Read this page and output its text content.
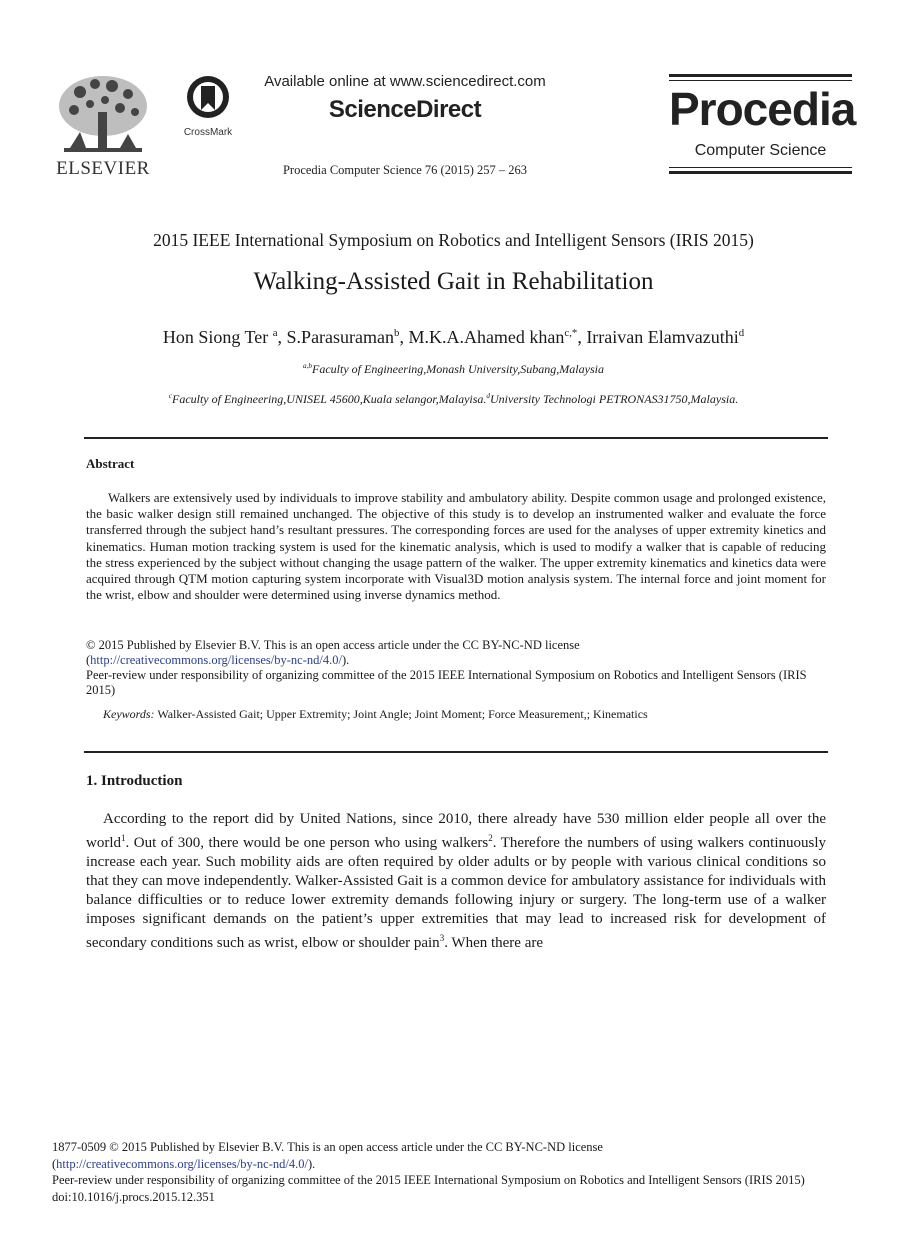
ELSEVIER
CrossMark
Available online at www.sciencedirect.com
ScienceDirect
Procedia Computer Science 76 (2015) 257 – 263
Procedia
Computer Science
2015 IEEE International Symposium on Robotics and Intelligent Sensors (IRIS 2015)
Walking-Assisted Gait in Rehabilitation
Hon Siong Ter $^a$, S.Parasuraman$^b$, M.K.A.Ahamed khan$^{c,*}$, Irraivan Elamvazuthi$^d$
$^{a,b}$Faculty of Engineering,Monash University,Subang,Malaysia
$^c$Faculty of Engineering,UNISEL 45600,Kuala selangor,Malayisa.$^d$University Technologi PETRONAS31750,Malaysia.
Abstract
Walkers are extensively used by individuals to improve stability and ambulatory ability. Despite common usage and prolonged existence, the basic walker design still remained unchanged. The objective of this study is to develop an instrumented walker and evaluate the force transferred through the subject hand’s resultant pressures. The corresponding forces are used for the analyses of upper extremity kinetics and kinematics. Human motion tracking system is used for the kinematic analysis, which is used to modify a walker that is capable of reducing the stress experienced by the subject without changing the usage pattern of the walker. The upper extremity kinematics and kinetics data were acquired through QTM motion capturing system incorporate with Visual3D motion analysis system. The internal force and joint moment for the wrist, elbow and shoulder were determined using inverse dynamics method.
© 2015 Published by Elsevier B.V. This is an open access article under the CC BY-NC-ND license
(http://creativecommons.org/licenses/by-nc-nd/4.0/).
Peer-review under responsibility of organizing committee of the 2015 IEEE International Symposium on Robotics and Intelligent Sensors (IRIS 2015)
Keywords: Walker-Assisted Gait; Upper Extremity; Joint Angle; Joint Moment; Force Measurement,; Kinematics
1. Introduction
According to the report did by United Nations, since 2010, there already have 530 million elder people all over the world$^1$. Out of 300, there would be one person who using walkers$^2$. Therefore the numbers of using walkers continuously increase each year. Such mobility aids are often required by older adults or by people with various clinical conditions so that they can move independently. Walker-Assisted Gait is a common device for ambulatory assistance for individuals with balance difficulties or to reduce lower extremity demands following injury or surgery. The long-term use of a walker imposes significant demands on the patient’s upper extremities that may lead to increased risk for development of secondary conditions such as wrist, elbow or shoulder pain$^3$. When there are
1877-0509 © 2015 Published by Elsevier B.V. This is an open access article under the CC BY-NC-ND license
(http://creativecommons.org/licenses/by-nc-nd/4.0/).
Peer-review under responsibility of organizing committee of the 2015 IEEE International Symposium on Robotics and Intelligent Sensors (IRIS 2015)
doi:10.1016/j.procs.2015.12.351
